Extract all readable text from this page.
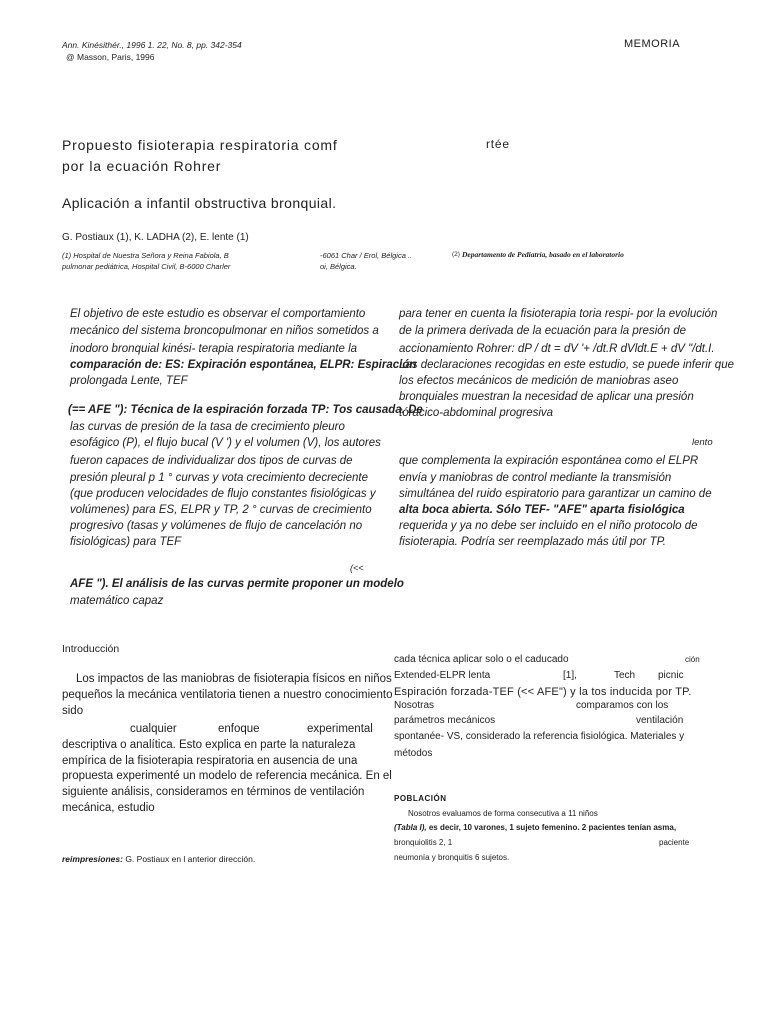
Ann. Kinésithér., 1996 1. 22, No. 8, pp. 342-354
@ Masson, Paris, 1996
MEMORIA
Propuesto fisioterapia respiratoria comf	rtée
por la ecuación Rohrer
Aplicación a infantil obstructiva bronquial.
G. Postiaux (1), K. LADHA (2), E. lente (1)
(1) Hospital de Nuestra Señora y Reina Fabiola, B
pulmonar pediátrica, Hospital Civil, B-6000 Charler
-6061 Char / Erol, Bélgica ..
oi, Bélgica.
(2) Departamento de Pediatría, basado en el laboratorio
El objetivo de este estudio es observar el comportamiento
mecánico del sistema broncopulmonar en niños sometidos a
inodoro bronquial kinési- terapia respiratoria mediante la
comparación de: ES: Expiración espontánea, ELPR: Espiración
prolongada Lente, TEF
(== AFE "): Técnica de la espiración forzada TP: Tos causada. De
las curvas de presión de la tasa de crecimiento pleuro
esofágico (P), el flujo bucal (V ') y el volumen (V), los autores
fueron capaces de individualizar dos tipos de curvas de
presión pleural p 1 ° curvas y vota crecimiento decreciente
(que producen velocidades de flujo constantes fisiológicas y
volúmenes) para ES, ELPR y TP, 2 ° curvas de crecimiento
progresivo (tasas y volúmenes de flujo de cancelación no
fisiológicas) para TEF
(<<
AFE "). El análisis de las curvas permite proponer un modelo
matemático capaz
para tener en cuenta la fisioterapia toria respi- por la evolución
de la primera derivada de la ecuación para la presión de
accionamiento Rohrer: dP / dt = dV '+ /dt.R dVldt.E + dV "/dt.I.
Las declaraciones recogidas en este estudio, se puede inferir que
los efectos mecánicos de medición de maniobras aseo
bronquiales muestran la necesidad de aplicar una presión
tóracico-abdominal progresiva
lento
que complementa la expiración espontánea como el ELPR
envía y maniobras de control mediante la transmisión
simultánea del ruido espiratorio para garantizar un camino de
alta boca abierta. Sólo TEF- "AFE" aparta fisiológica
requerida y ya no debe ser incluido en el niño protocolo de
fisioterapia. Podría ser reemplazado más útil por TP.
Introducción
Los impactos de las maniobras de fisioterapia físicos en niños
pequeños la mecánica ventilatoria tienen a nuestro conocimiento
sido
cualquier	enfoque	experimental
descriptiva o analítica. Esto explica en parte la naturaleza
empírica de la fisioterapia respiratoria en ausencia de una
propuesta experimenté un modelo de referencia mecánica. En el
siguiente análisis, consideramos en términos de ventilación
mecánica, estudio
cada técnica aplicar solo o el caducado	ción
Extended-ELPR lenta	[1],	Tech picnic
Espiración forzada-TEF (<< AFE") y la tos inducida por TP.
Nosotras	comparamos con los
parámetros mecánicos	ventilación
spontanée- VS, considerado la referencia fisiológica. Materiales y
métodos
POBLACIÓN
Nosotros evaluamos de forma consecutiva a 11 niños
(Tabla I), es decir, 10 varones, 1 sujeto femenino. 2 pacientes tenían asma,
bronquiolitis 2, 1	paciente
neumonía y bronquitis 6 sujetos.
reimpresiones: G. Postiaux en l anterior dirección.
